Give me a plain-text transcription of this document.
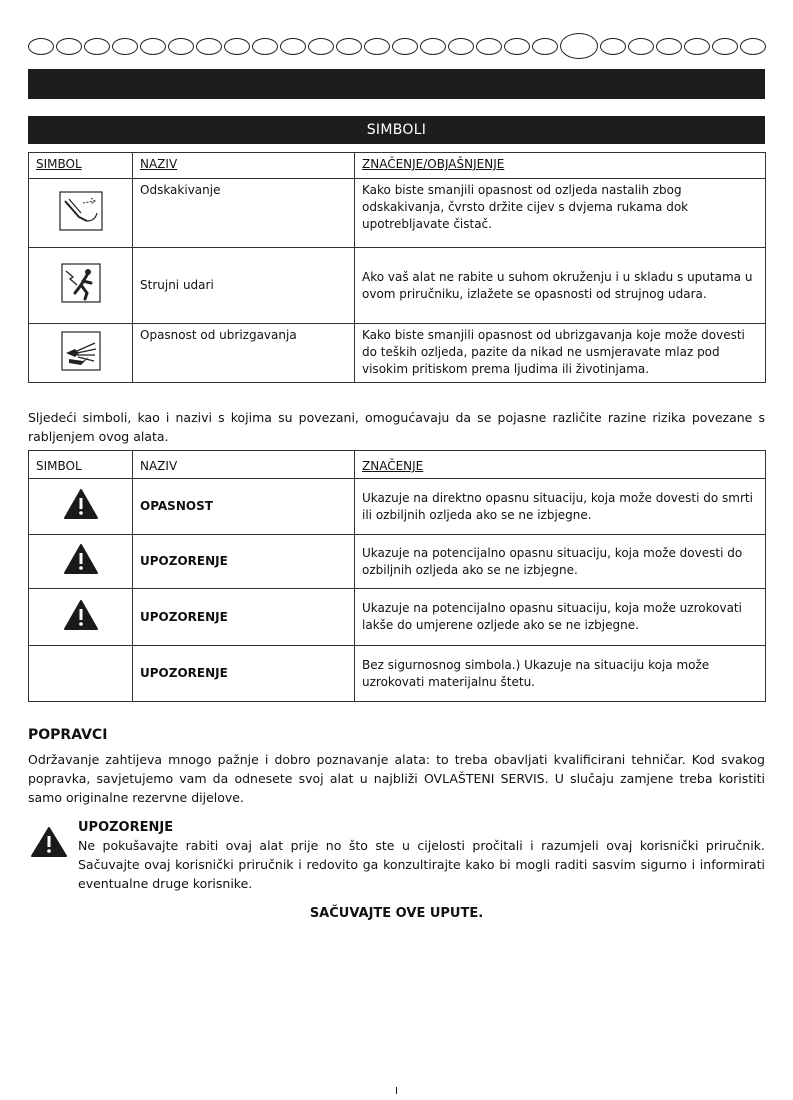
SIMBOLI
SIMBOL	NAZIV	ZNAČENJE/OBJAŠNJENJE
	Odskakivanje	Kako biste smanjili opasnost od ozljeda nastalih zbog odskakivanja, čvrsto držite cijev s dvjema rukama dok upotrebljavate čistač.
	Strujni udari	Ako vaš alat ne rabite u suhom okruženju i u skladu s uputama u ovom priručniku, izlažete se opasnosti od strujnog udara.
	Opasnost od ubrizgavanja	Kako biste smanjili opasnost od ubrizgavanja koje može dovesti do teških ozljeda, pazite da nikad ne usmjeravate mlaz pod visokim pritiskom prema ljudima ili životinjama.
Sljedeći simboli, kao i nazivi s kojima su povezani, omogućavaju da se pojasne različite razine rizika povezane s rabljenjem ovog alata.
SIMBOL	NAZIV	ZNAČENJE
	OPASNOST	Ukazuje na direktno opasnu situaciju, koja može dovesti do smrti ili ozbiljnih ozljeda ako se ne izbjegne.
	UPOZORENJE	Ukazuje na potencijalno opasnu situaciju, koja može dovesti do ozbiljnih ozljeda ako se ne izbjegne.
	UPOZORENJE	Ukazuje na potencijalno opasnu situaciju, koja može uzrokovati lakše do umjerene ozljede ako se ne izbjegne.
	UPOZORENJE	Bez sigurnosnog simbola.) Ukazuje na situaciju koja može uzrokovati materijalnu štetu.
POPRAVCI
Održavanje zahtijeva mnogo pažnje i dobro poznavanje alata: to treba obavljati kvalificirani tehničar. Kod svakog popravka, savjetujemo vam da odnesete svoj alat u najbliži OVLAŠTENI SERVIS. U slučaju zamjene treba koristiti samo originalne rezervne dijelove.
UPOZORENJE
Ne pokušavajte rabiti ovaj alat prije no što ste u cijelosti pročitali i razumjeli ovaj korisnički priručnik. Sačuvajte ovaj korisnički priručnik i redovito ga konzultirajte kako bi mogli raditi sasvim sigurno i informirati eventualne druge korisnike.
SAČUVAJTE OVE UPUTE.
I
